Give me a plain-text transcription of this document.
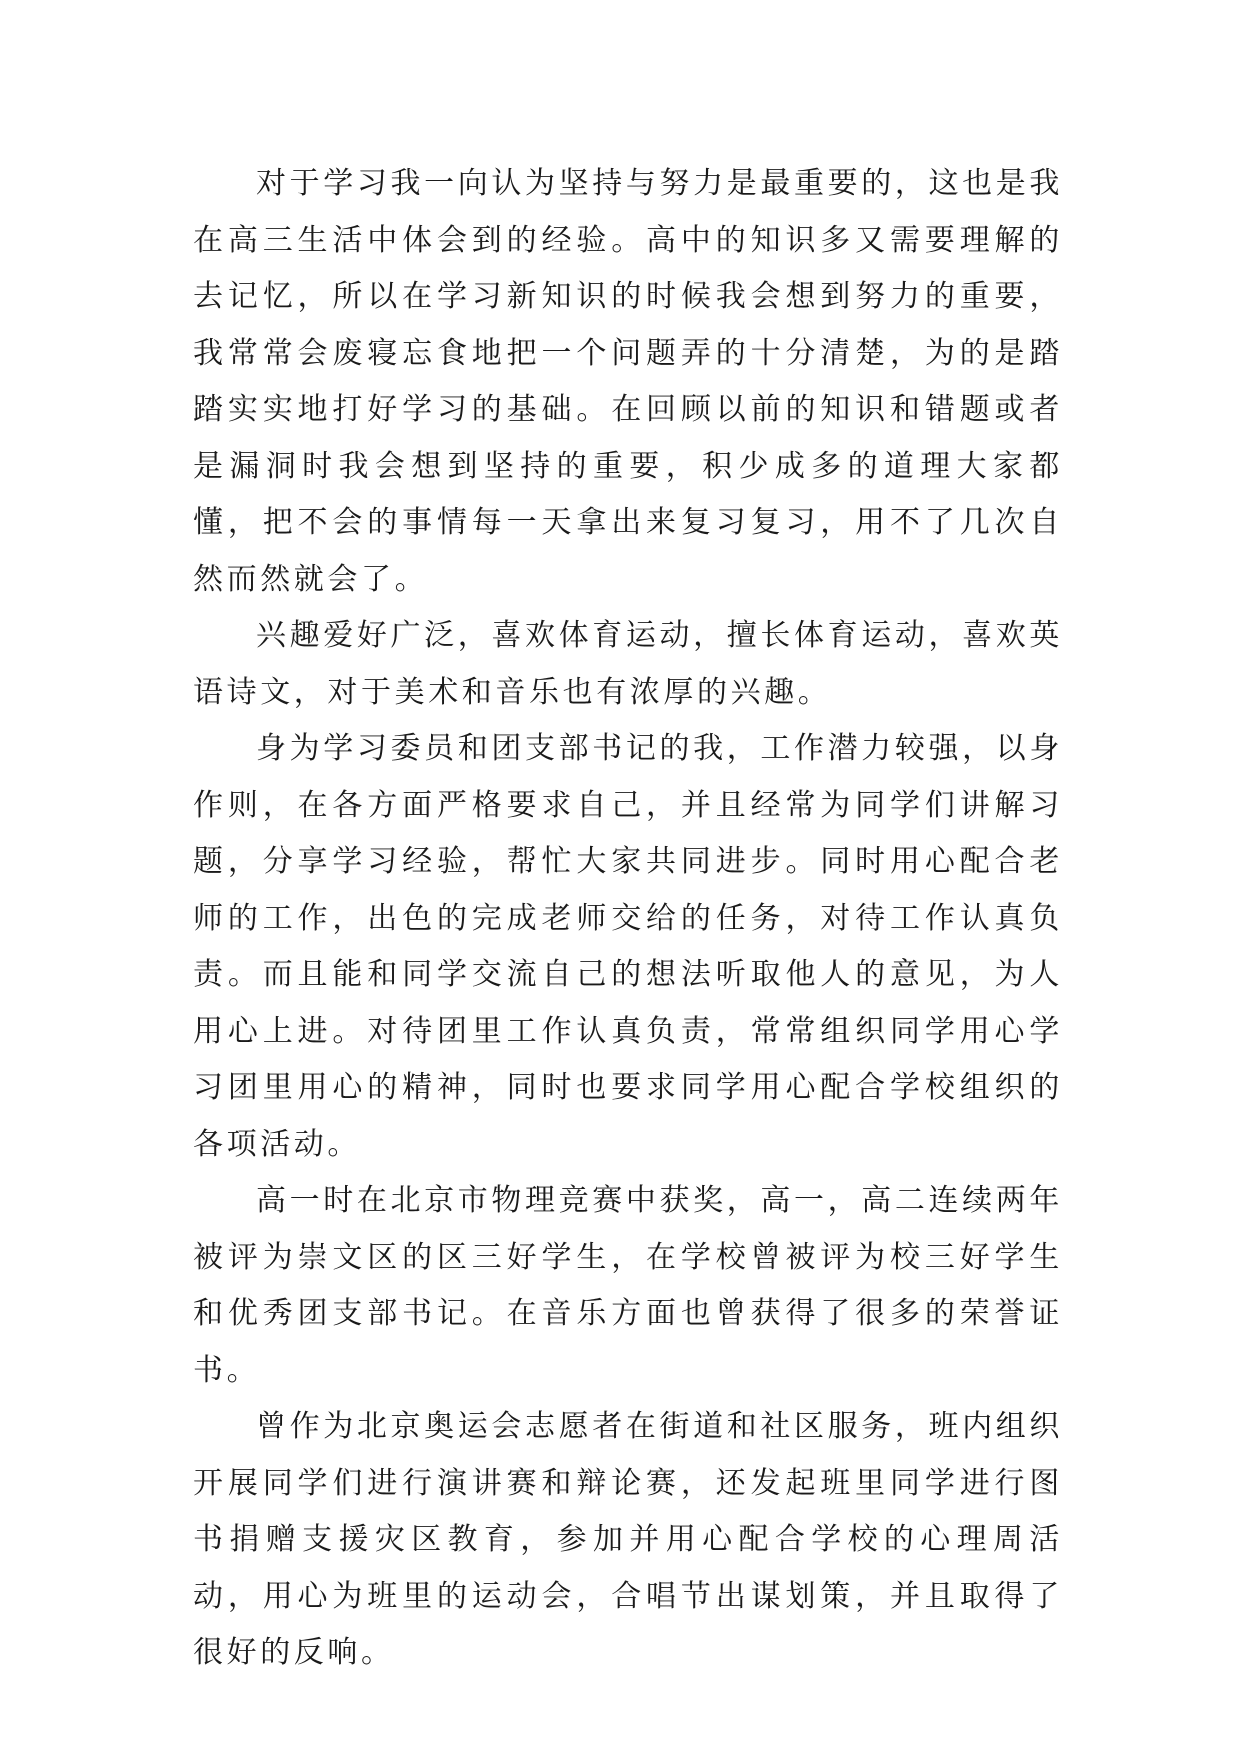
对于学习我一向认为坚持与努力是最重要的，这也是我在高三生活中体会到的经验。高中的知识多又需要理解的去记忆，所以在学习新知识的时候我会想到努力的重要，我常常会废寝忘食地把一个问题弄的十分清楚，为的是踏踏实实地打好学习的基础。在回顾以前的知识和错题或者是漏洞时我会想到坚持的重要，积少成多的道理大家都懂，把不会的事情每一天拿出来复习复习，用不了几次自然而然就会了。

兴趣爱好广泛，喜欢体育运动，擅长体育运动，喜欢英语诗文，对于美术和音乐也有浓厚的兴趣。

身为学习委员和团支部书记的我，工作潜力较强，以身作则，在各方面严格要求自己，并且经常为同学们讲解习题，分享学习经验，帮忙大家共同进步。同时用心配合老师的工作，出色的完成老师交给的任务，对待工作认真负责。而且能和同学交流自己的想法听取他人的意见，为人用心上进。对待团里工作认真负责，常常组织同学用心学习团里用心的精神，同时也要求同学用心配合学校组织的各项活动。

高一时在北京市物理竞赛中获奖，高一，高二连续两年被评为崇文区的区三好学生，在学校曾被评为校三好学生和优秀团支部书记。在音乐方面也曾获得了很多的荣誉证书。

曾作为北京奥运会志愿者在街道和社区服务，班内组织开展同学们进行演讲赛和辩论赛，还发起班里同学进行图书捐赠支援灾区教育，参加并用心配合学校的心理周活动，用心为班里的运动会，合唱节出谋划策，并且取得了很好的反响。
